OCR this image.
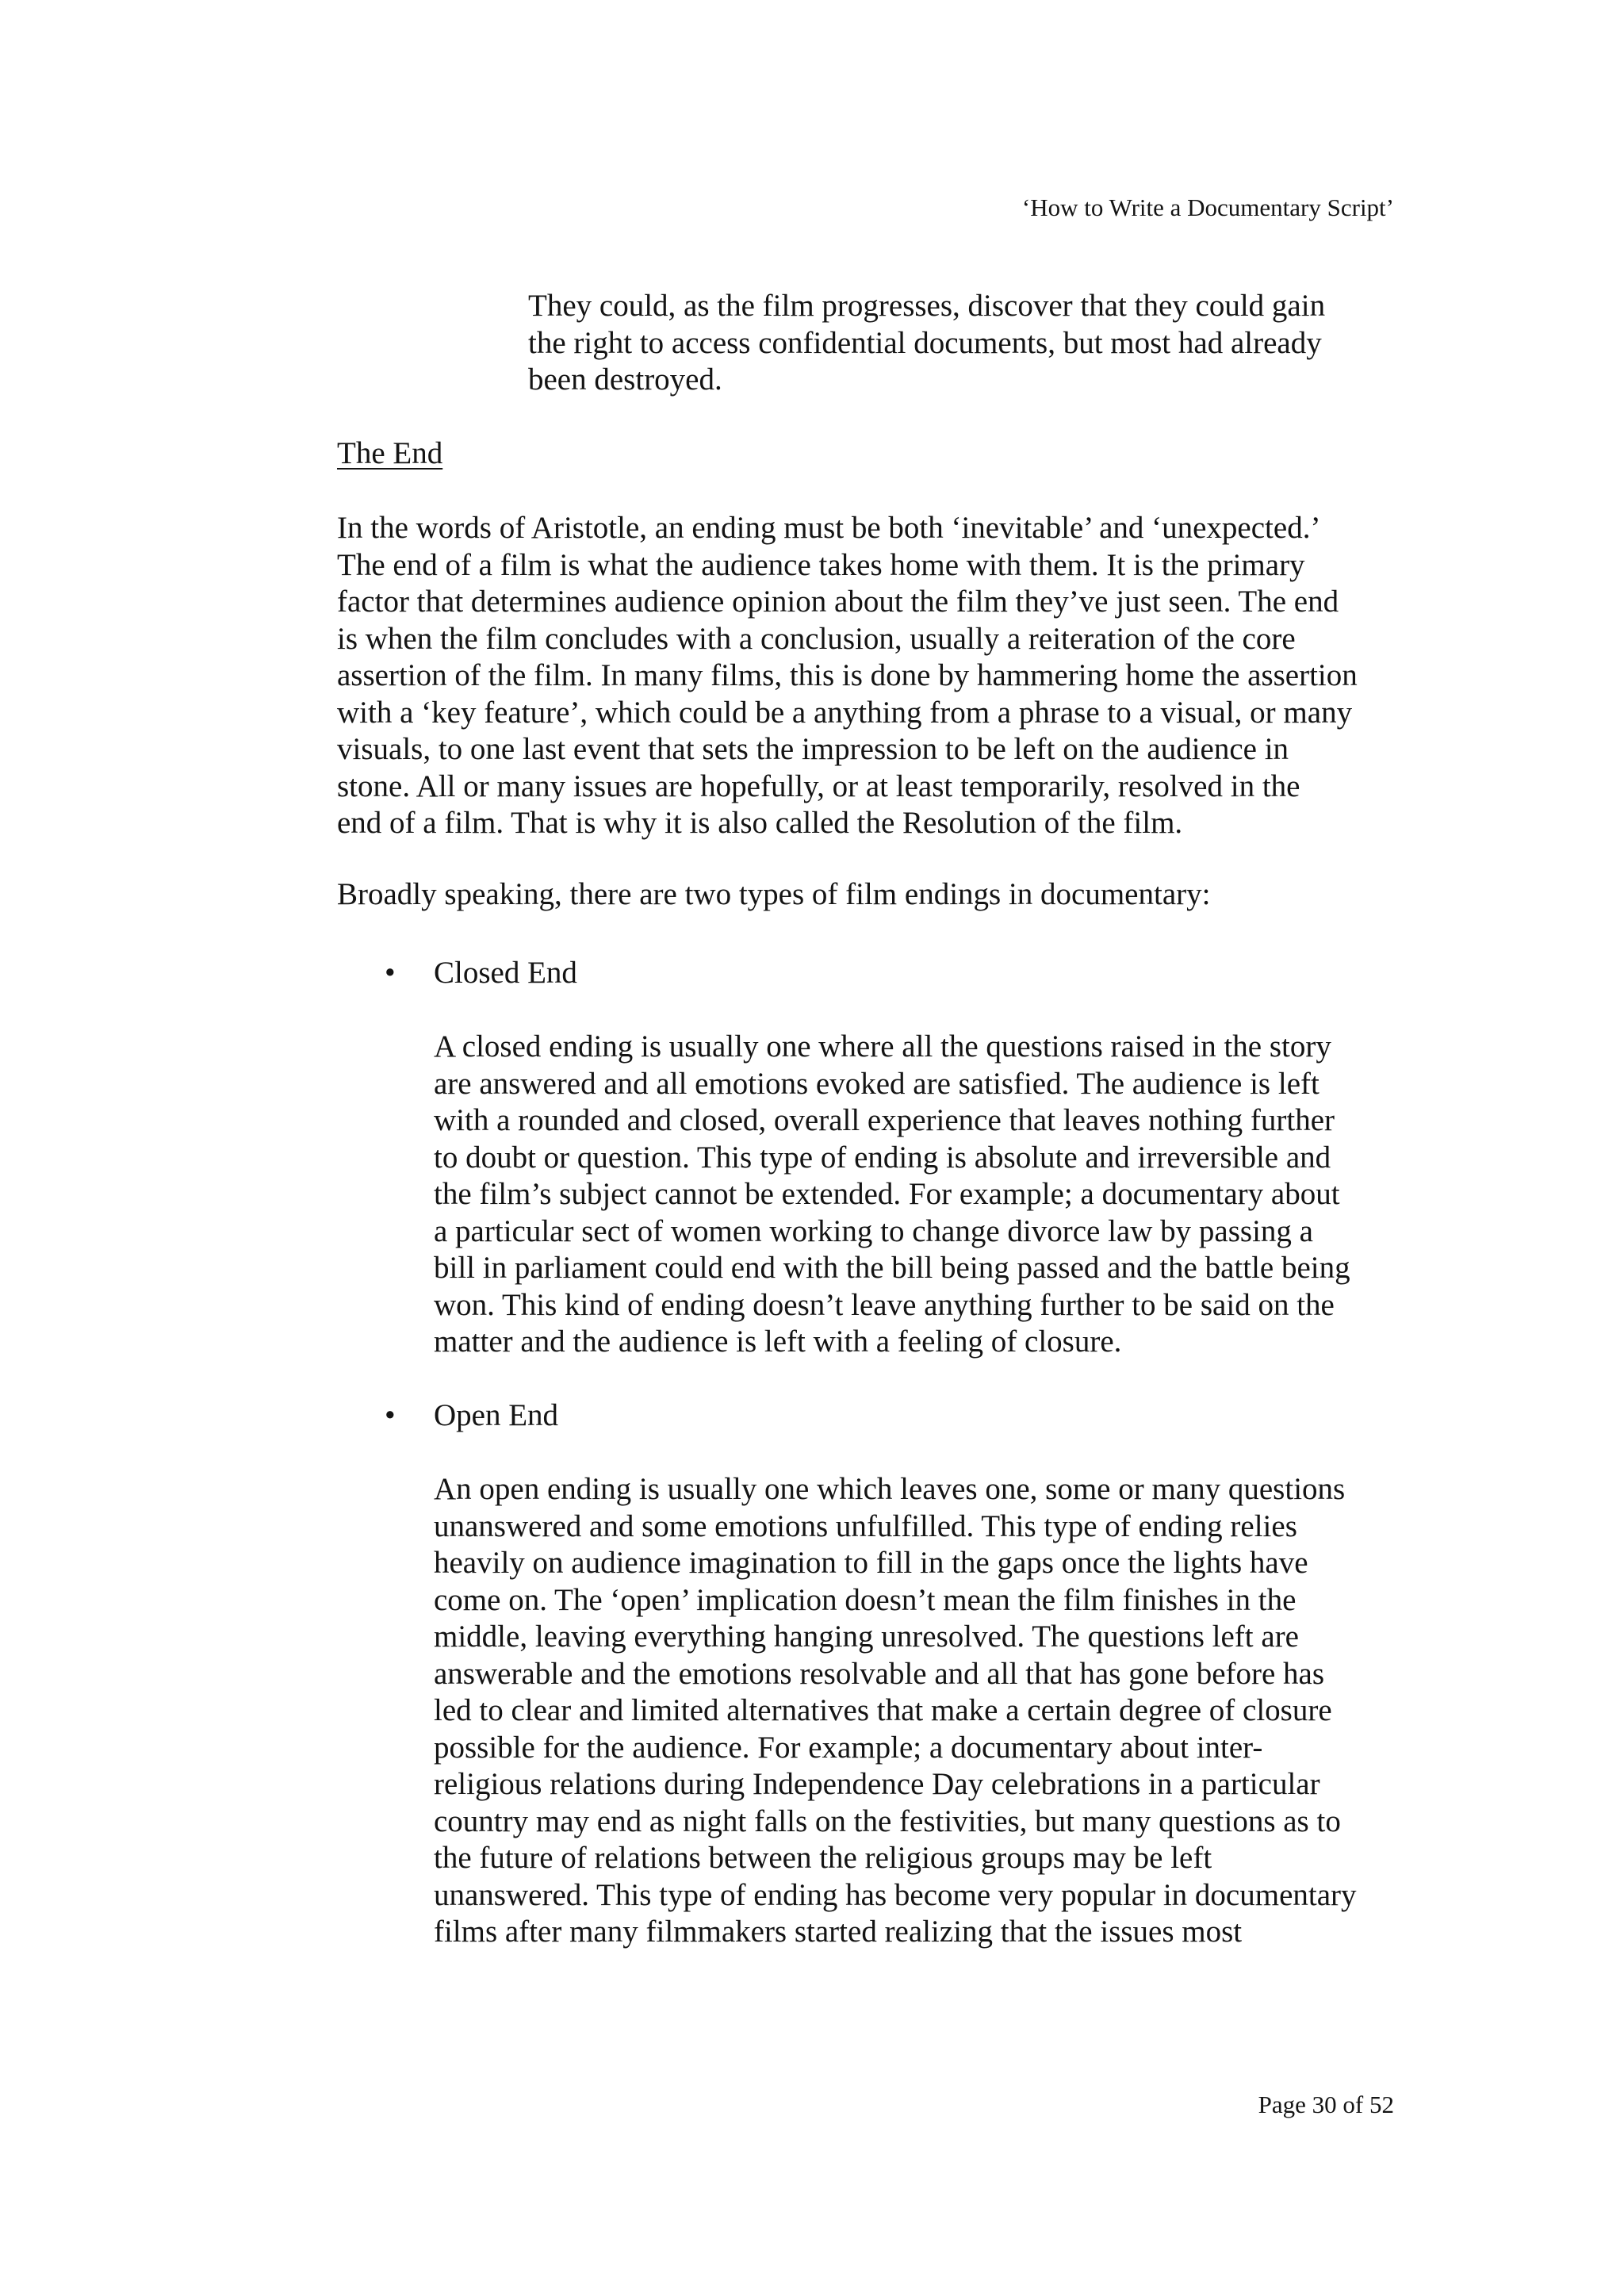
‘How to Write a Documentary Script’
They could, as the film progresses, discover that they could gain
the right to access confidential documents, but most had already
been destroyed.
The End
In the words of Aristotle, an ending must be both ‘inevitable’ and ‘unexpected.’
The end of a film is what the audience takes home with them. It is the primary
factor that determines audience opinion about the film they’ve just seen. The end
is when the film concludes with a conclusion, usually a reiteration of the core
assertion of the film. In many films, this is done by hammering home the assertion
with a ‘key feature’, which could be a anything from a phrase to a visual, or many
visuals, to one last event that sets the impression to be left on the audience in
stone. All or many issues are hopefully, or at least temporarily, resolved in the
end of a film. That is why it is also called the Resolution of the film.
Broadly speaking, there are two types of film endings in documentary:
• Closed End
A closed ending is usually one where all the questions raised in the story
are answered and all emotions evoked are satisfied. The audience is left
with a rounded and closed, overall experience that leaves nothing further
to doubt or question. This type of ending is absolute and irreversible and
the film’s subject cannot be extended. For example; a documentary about
a particular sect of women working to change divorce law by passing a
bill in parliament could end with the bill being passed and the battle being
won. This kind of ending doesn’t leave anything further to be said on the
matter and the audience is left with a feeling of closure.
• Open End
An open ending is usually one which leaves one, some or many questions
unanswered and some emotions unfulfilled. This type of ending relies
heavily on audience imagination to fill in the gaps once the lights have
come on. The ‘open’ implication doesn’t mean the film finishes in the
middle, leaving everything hanging unresolved. The questions left are
answerable and the emotions resolvable and all that has gone before has
led to clear and limited alternatives that make a certain degree of closure
possible for the audience. For example; a documentary about inter-
religious relations during Independence Day celebrations in a particular
country may end as night falls on the festivities, but many questions as to
the future of relations between the religious groups may be left
unanswered. This type of ending has become very popular in documentary
films after many filmmakers started realizing that the issues most
Page 30 of 52
